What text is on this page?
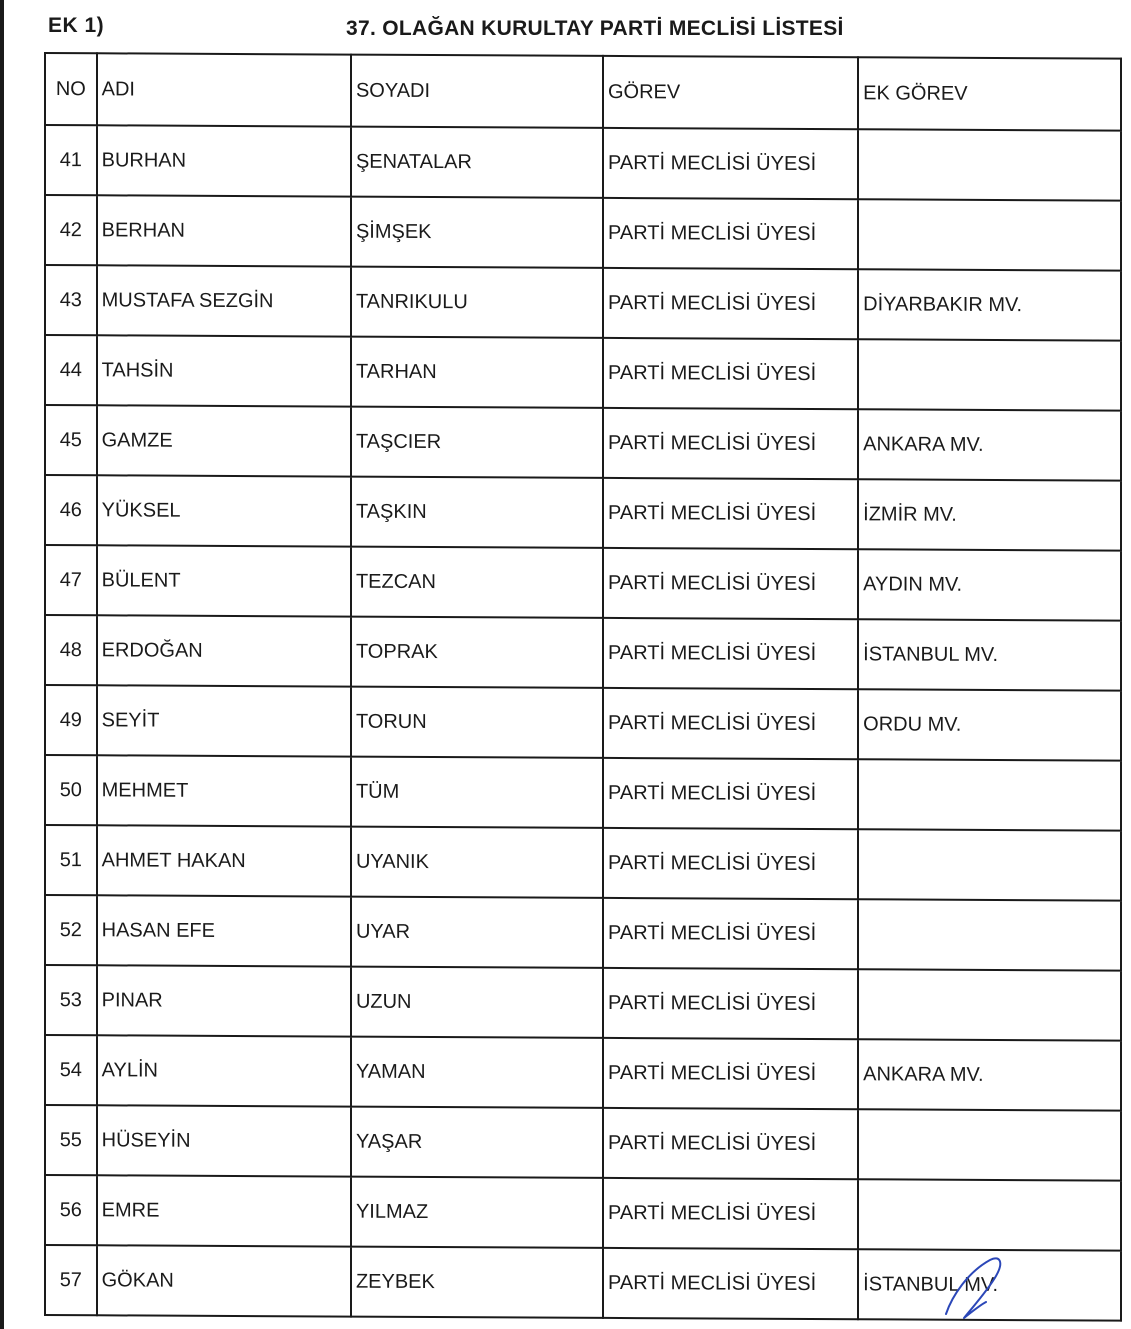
EK 1)	37. OLAĞAN KURULTAY PARTİ MECLİSİ LİSTESİ
NO	ADI	SOYADI	GÖREV	EK GÖREV
41	BURHAN	ŞENATALAR	PARTİ MECLİSİ ÜYESİ	
42	BERHAN	ŞİMŞEK	PARTİ MECLİSİ ÜYESİ	
43	MUSTAFA SEZGİN	TANRIKULU	PARTİ MECLİSİ ÜYESİ	DİYARBAKIR MV.
44	TAHSİN	TARHAN	PARTİ MECLİSİ ÜYESİ	
45	GAMZE	TAŞCIER	PARTİ MECLİSİ ÜYESİ	ANKARA MV.
46	YÜKSEL	TAŞKIN	PARTİ MECLİSİ ÜYESİ	İZMİR MV.
47	BÜLENT	TEZCAN	PARTİ MECLİSİ ÜYESİ	AYDIN MV.
48	ERDOĞAN	TOPRAK	PARTİ MECLİSİ ÜYESİ	İSTANBUL MV.
49	SEYİT	TORUN	PARTİ MECLİSİ ÜYESİ	ORDU MV.
50	MEHMET	TÜM	PARTİ MECLİSİ ÜYESİ	
51	AHMET HAKAN	UYANIK	PARTİ MECLİSİ ÜYESİ	
52	HASAN EFE	UYAR	PARTİ MECLİSİ ÜYESİ	
53	PINAR	UZUN	PARTİ MECLİSİ ÜYESİ	
54	AYLİN	YAMAN	PARTİ MECLİSİ ÜYESİ	ANKARA MV.
55	HÜSEYİN	YAŞAR	PARTİ MECLİSİ ÜYESİ	
56	EMRE	YILMAZ	PARTİ MECLİSİ ÜYESİ	
57	GÖKAN	ZEYBEK	PARTİ MECLİSİ ÜYESİ	İSTANBUL MV.
